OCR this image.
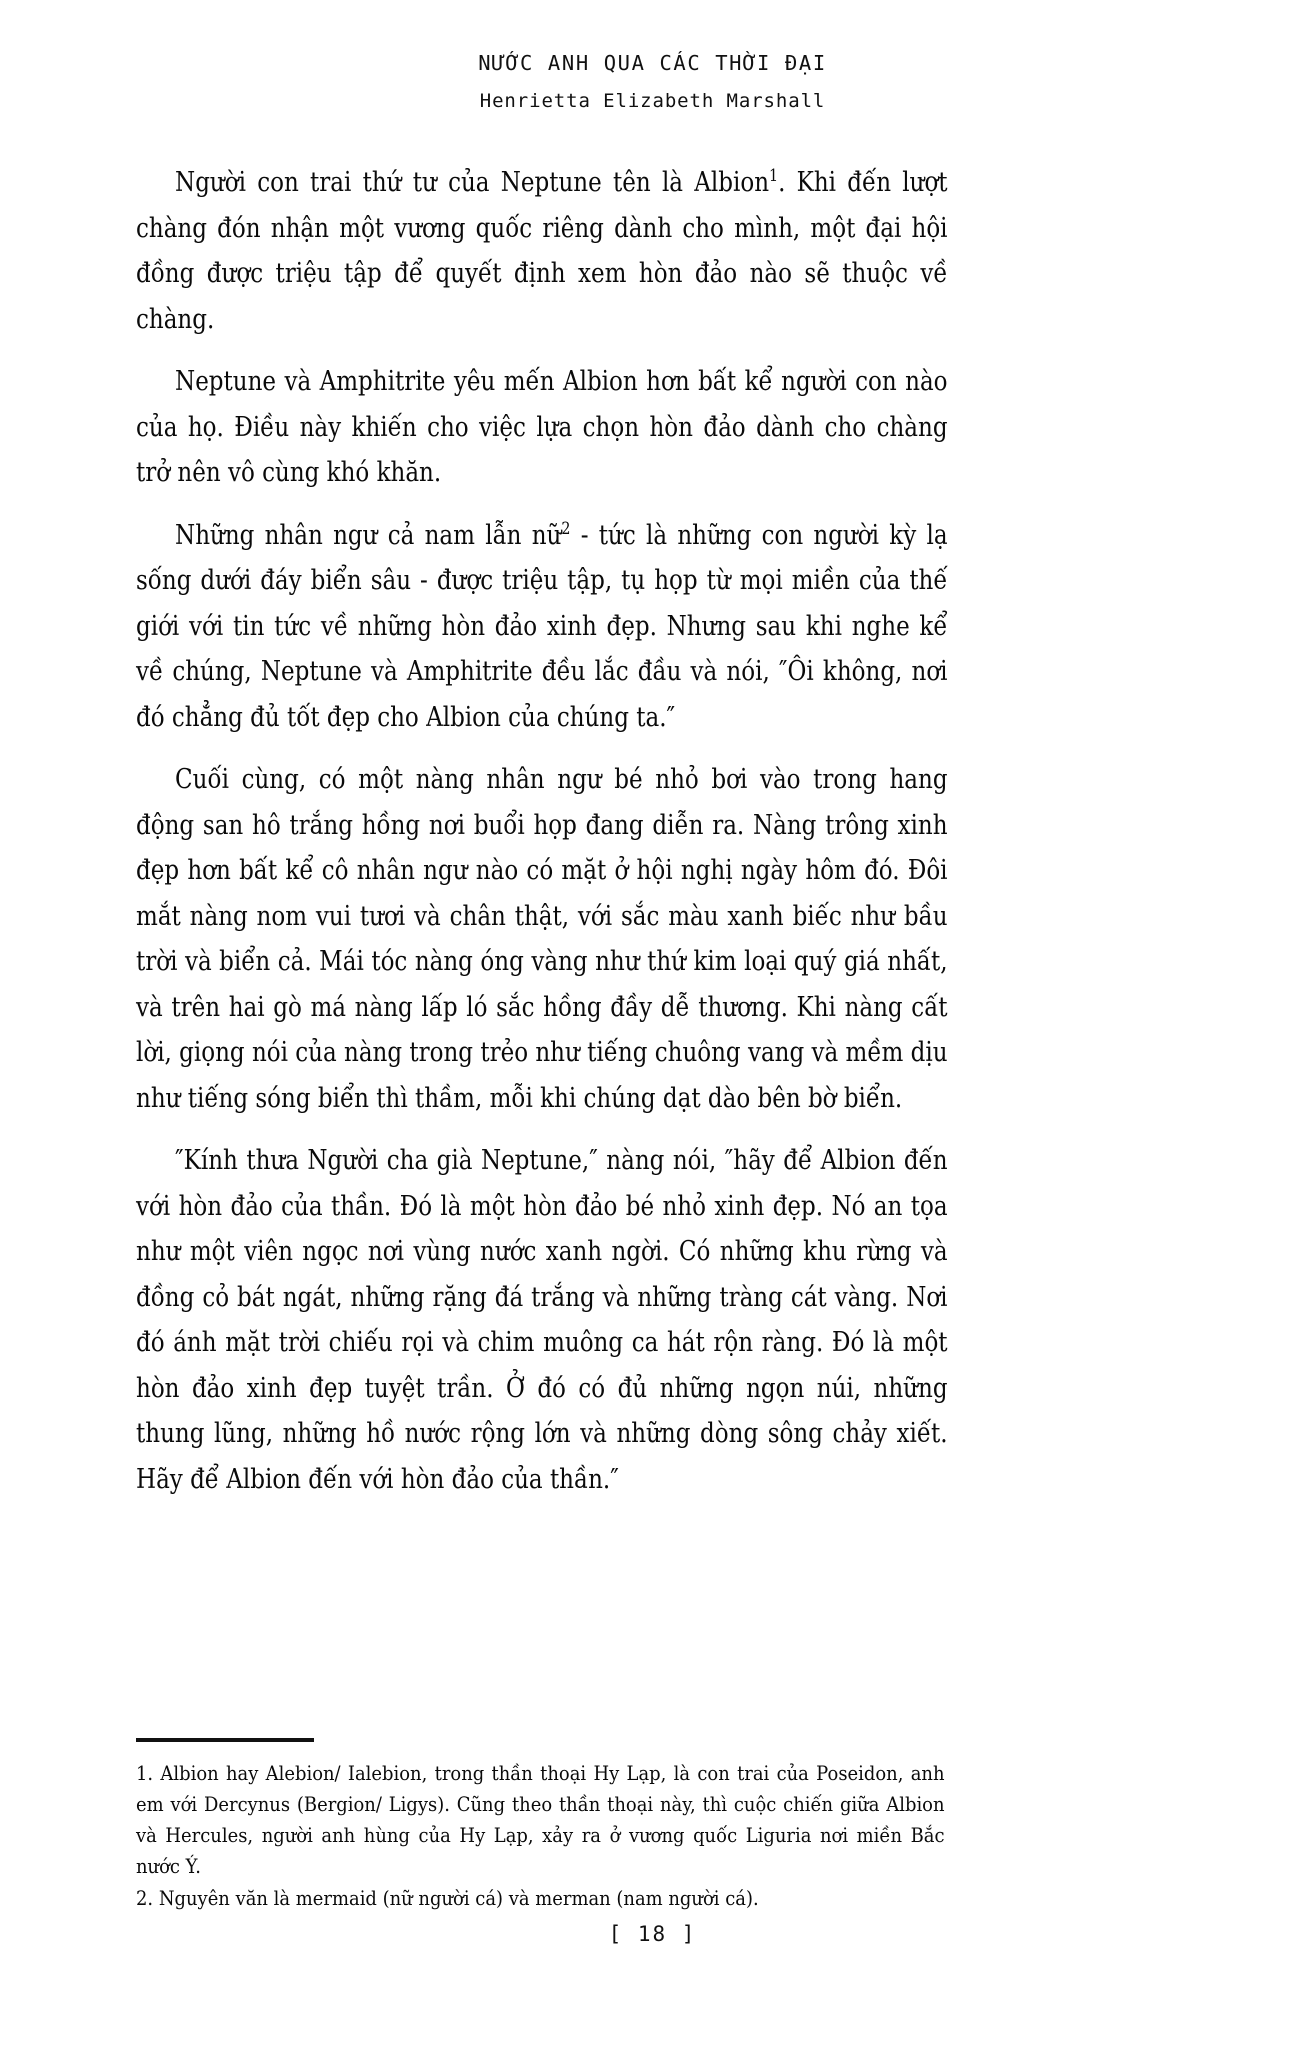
NƯỚC ANH QUA CÁC THỜI ĐẠI
Henrietta Elizabeth Marshall

Người con trai thứ tư của Neptune tên là Albion$^1$. Khi đến lượt chàng đón nhận một vương quốc riêng dành cho mình, một đại hội đồng được triệu tập để quyết định xem hòn đảo nào sẽ thuộc về chàng.

Neptune và Amphitrite yêu mến Albion hơn bất kể người con nào của họ. Điều này khiến cho việc lựa chọn hòn đảo dành cho chàng trở nên vô cùng khó khăn.

Những nhân ngư cả nam lẫn nữ$^2$ - tức là những con người kỳ lạ sống dưới đáy biển sâu - được triệu tập, tụ họp từ mọi miền của thế giới với tin tức về những hòn đảo xinh đẹp. Nhưng sau khi nghe kể về chúng, Neptune và Amphitrite đều lắc đầu và nói, ″Ôi không, nơi đó chẳng đủ tốt đẹp cho Albion của chúng ta.″

Cuối cùng, có một nàng nhân ngư bé nhỏ bơi vào trong hang động san hô trắng hồng nơi buổi họp đang diễn ra. Nàng trông xinh đẹp hơn bất kể cô nhân ngư nào có mặt ở hội nghị ngày hôm đó. Đôi mắt nàng nom vui tươi và chân thật, với sắc màu xanh biếc như bầu trời và biển cả. Mái tóc nàng óng vàng như thứ kim loại quý giá nhất, và trên hai gò má nàng lấp ló sắc hồng đầy dễ thương. Khi nàng cất lời, giọng nói của nàng trong trẻo như tiếng chuông vang và mềm dịu như tiếng sóng biển thì thầm, mỗi khi chúng dạt dào bên bờ biển.

″Kính thưa Người cha già Neptune,″ nàng nói, ″hãy để Albion đến với hòn đảo của thần. Đó là một hòn đảo bé nhỏ xinh đẹp. Nó an tọa như một viên ngọc nơi vùng nước xanh ngời. Có những khu rừng và đồng cỏ bát ngát, những rặng đá trắng và những tràng cát vàng. Nơi đó ánh mặt trời chiếu rọi và chim muông ca hát rộn ràng. Đó là một hòn đảo xinh đẹp tuyệt trần. Ở đó có đủ những ngọn núi, những thung lũng, những hồ nước rộng lớn và những dòng sông chảy xiết. Hãy để Albion đến với hòn đảo của thần.″

1. Albion hay Alebion/ Ialebion, trong thần thoại Hy Lạp, là con trai của Poseidon, anh em với Dercynus (Bergion/ Ligys). Cũng theo thần thoại này, thì cuộc chiến giữa Albion và Hercules, người anh hùng của Hy Lạp, xảy ra ở vương quốc Liguria nơi miền Bắc nước Ý.

2. Nguyên văn là mermaid (nữ người cá) và merman (nam người cá).

[ 18 ]
